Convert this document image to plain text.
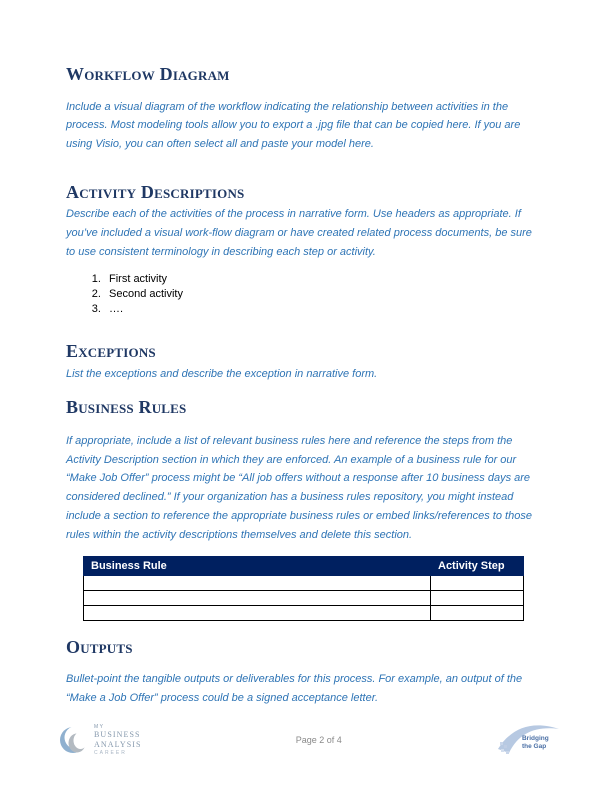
Workflow Diagram

Include a visual diagram of the workflow indicating the relationship between activities in the process. Most modeling tools allow you to export a .jpg file that can be copied here. If you are using Visio, you can often select all and paste your model here.

Activity Descriptions

Describe each of the activities of the process in narrative form. Use headers as appropriate. If you’ve included a visual work-flow diagram or have created related process documents, be sure to use consistent terminology in describing each step or activity.

1. First activity
2. Second activity
3. ….
Exceptions

List the exceptions and describe the exception in narrative form.

Business Rules

If appropriate, include a list of relevant business rules here and reference the steps from the Activity Description section in which they are enforced. An example of a business rule for our “Make Job Offer” process might be “All job offers without a response after 10 business days are considered declined.” If your organization has a business rules repository, you might instead include a section to reference the appropriate business rules or embed links/references to those rules within the activity descriptions themselves and delete this section.

Business Rule	Activity Step

Outputs

Bullet-point the tangible outputs or deliverables for this process. For example, an output of the “Make a Job Offer” process could be a signed acceptance letter.

MY
BUSINESS
ANALYSIS
CAREER
Page 2 of 4	Bridging
the Gap
